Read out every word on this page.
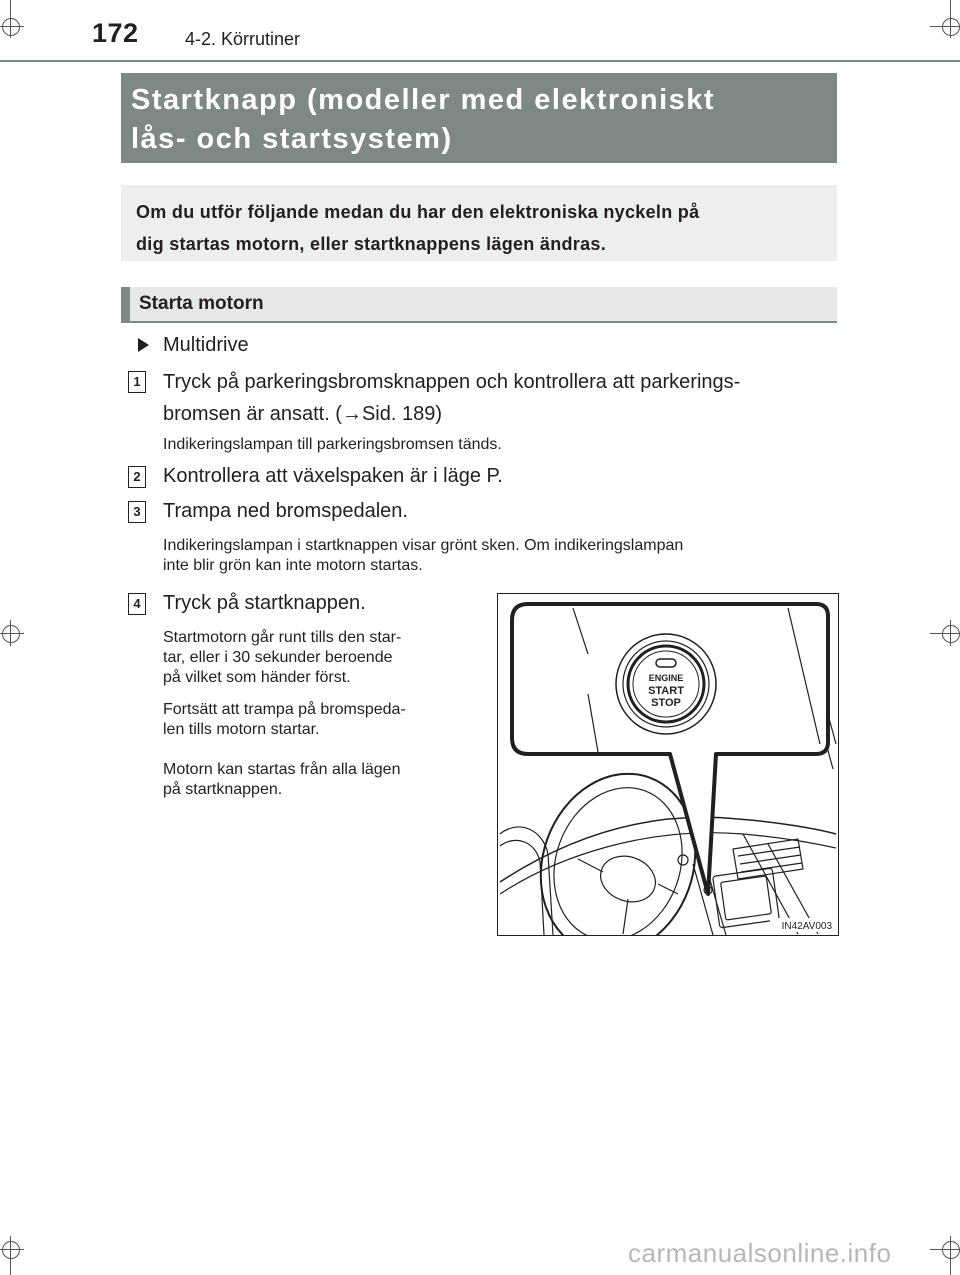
172	4-2. Körrutiner
Startknapp (modeller med elektroniskt
lås- och startsystem)
Om du utför följande medan du har den elektroniska nyckeln på
dig startas motorn, eller startknappens lägen ändras.
Starta motorn
Multidrive
1 Tryck på parkeringsbromsknappen och kontrollera att parkerings-
bromsen är ansatt. (→Sid. 189)
Indikeringslampan till parkeringsbromsen tänds.
2 Kontrollera att växelspaken är i läge P.
3 Trampa ned bromspedalen.
Indikeringslampan i startknappen visar grönt sken. Om indikeringslampan
inte blir grön kan inte motorn startas.
4 Tryck på startknappen.
Startmotorn går runt tills den star-
tar, eller i 30 sekunder beroende
på vilket som händer först.
Fortsätt att trampa på bromspeda-
len tills motorn startar.
Motorn kan startas från alla lägen
på startknappen.
ENGINE
START
STOP
IN42AV003
carmanualsonline.info
